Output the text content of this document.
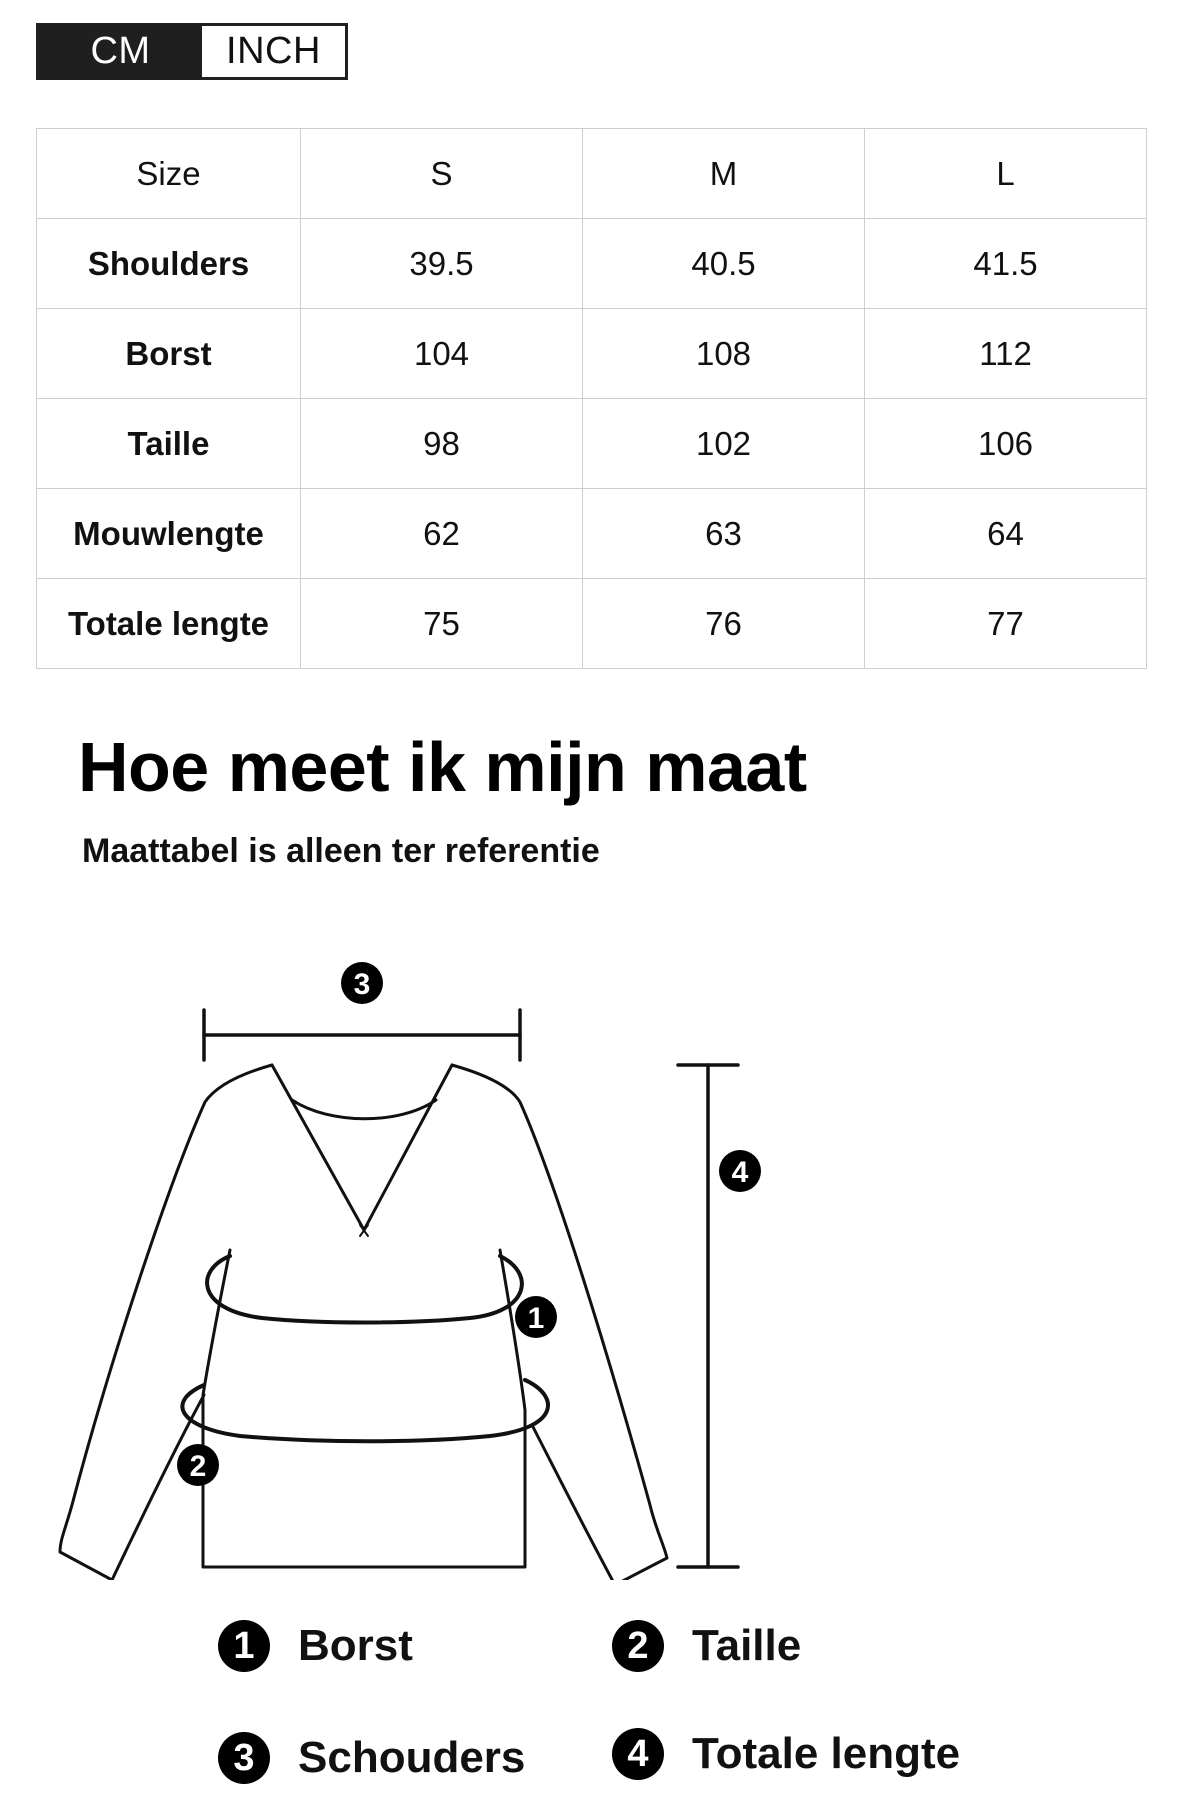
CM	INCH
Size	S	M	L
Shoulders	39.5	40.5	41.5
Borst	104	108	112
Taille	98	102	106
Mouwlengte	62	63	64
Totale lengte	75	76	77
Hoe meet ik mijn maat

Maattabel is alleen ter referentie

3
4
1
2
1 Borst	2 Taille
3 Schouders	4 Totale lengte
